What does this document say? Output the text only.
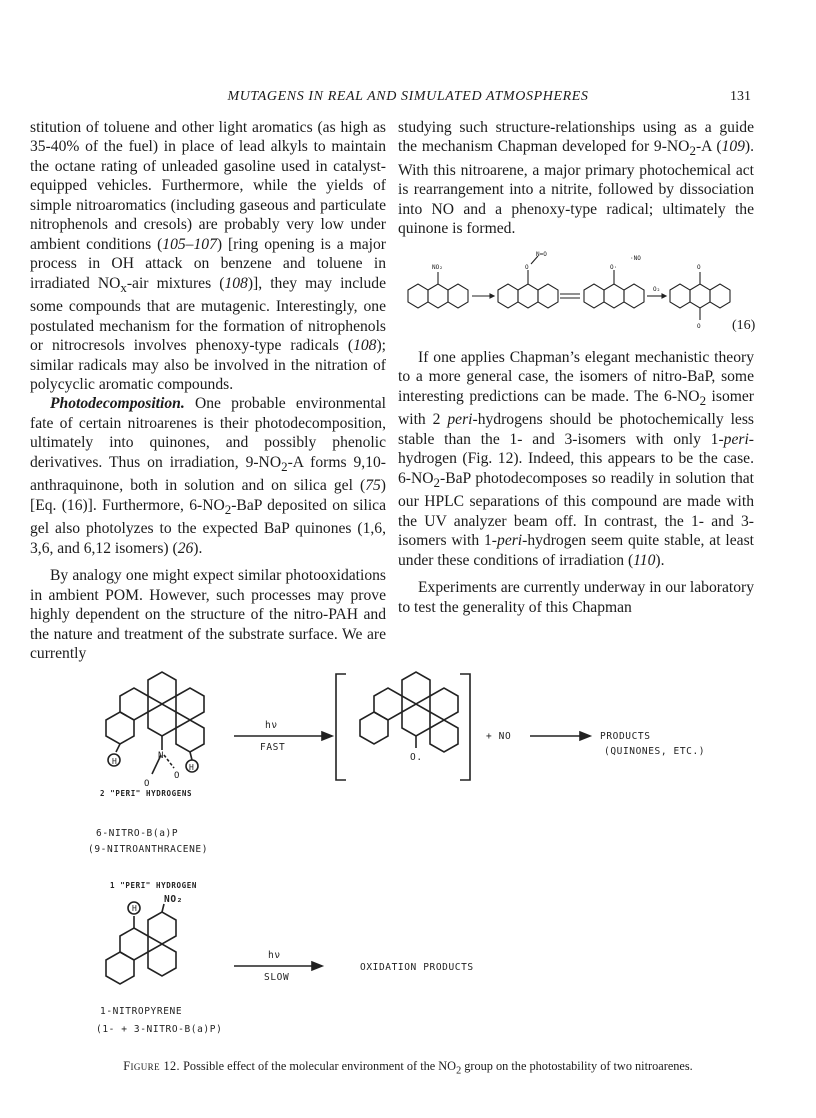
MUTAGENS IN REAL AND SIMULATED ATMOSPHERES	131

stitution of toluene and other light aromatics (as high as 35-40% of the fuel) in place of lead alkyls to maintain the octane rating of unleaded gasoline used in catalyst-equipped vehicles. Furthermore, while the yields of simple nitroaromatics (including gaseous and particulate nitrophenols and cresols) are probably very low under ambient conditions (105–107) [ring opening is a major process in OH attack on benzene and toluene in irradiated $NO_x$-air mixtures (108)], they may include some compounds that are mutagenic. Interestingly, one postulated mechanism for the formation of nitrophenols or nitrocresols involves phenoxy-type radicals (108); similar radicals may also be involved in the nitration of polycyclic aromatic compounds.

Photodecomposition. One probable environmental fate of certain nitroarenes is their photodecomposition, ultimately into quinones, and possibly phenolic derivatives. Thus on irradiation, $9-NO_2-A$ forms 9,10-anthraquinone, both in solution and on silica gel (75) [Eq. (16)]. Furthermore, $6-NO_2$-BaP deposited on silica gel also photolyzes to the expected BaP quinones (1,6, 3,6, and 6,12 isomers) (26).

By analogy one might expect similar photooxidations in ambient POM. However, such processes may prove highly dependent on the structure of the nitro-PAH and the nature and treatment of the substrate surface. We are currently

studying such structure-relationships using as a guide the mechanism Chapman developed for $9-NO_2-A$ (109). With this nitroarene, a major primary photochemical act is rearrangement into a nitrite, followed by dissociation into NO and a phenoxy-type radical; ultimately the quinone is formed.

NO₂	O
N=O
O·
·NO
O₂
O
O (16)

If one applies Chapman’s elegant mechanistic theory to a more general case, the isomers of nitro-BaP, some interesting predictions can be made. The $6-NO_2$ isomer with 2 peri-hydrogens should be photochemically less stable than the 1- and 3-isomers with only 1-peri-hydrogen (Fig. 12). Indeed, this appears to be the case. $6-NO_2$-BaP photodecomposes so readily in solution that our HPLC separations of this compound are made with the UV analyzer beam off. In contrast, the 1- and 3- isomers with 1-peri-hydrogen seem quite stable, at least under these conditions of irradiation (110).

Experiments are currently underway in our laboratory to test the generality of this Chapman

H
H
N
O
O
2 "PERI" HYDROGENS
6-NITRO-B(a)P
(9-NITROANTHRACENE)
hν
FAST
O.
+ NO	PRODUCTS
(QUINONES, ETC.)
1 "PERI" HYDROGEN
H
NO₂
hν
SLOW
OXIDATION PRODUCTS
1-NITROPYRENE
(1- + 3-NITRO-B(a)P)
Figure 12. Possible effect of the molecular environment of the $NO_2$ group on the photostability of two nitroarenes.
